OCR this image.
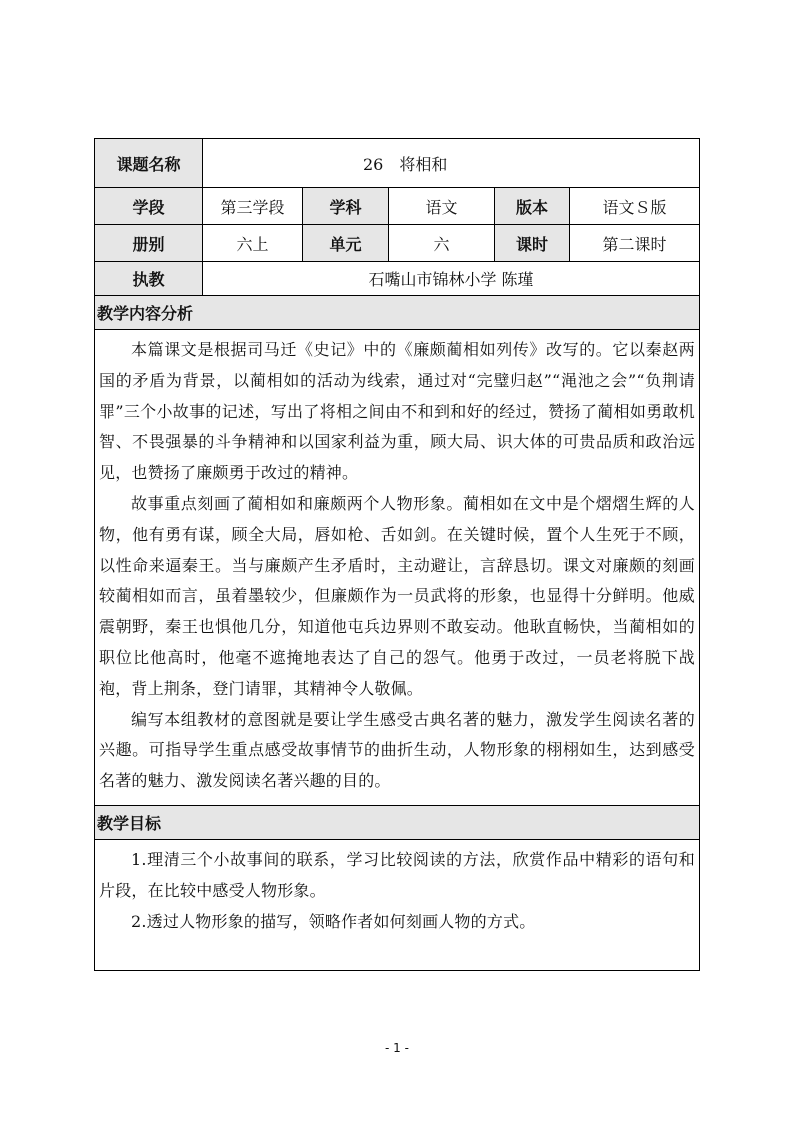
课题名称	26　将相和
学段	第三学段	学科	语文	版本	语文Ｓ版
册别	六上	单元	六	课时	第二课时
执教	石嘴山市锦林小学 陈瑾
教学内容分析

本篇课文是根据司马迁《史记》中的《廉颇蔺相如列传》改写的。它以秦赵两国的矛盾为背景，以蔺相如的活动为线索，通过对“完璧归赵”“渑池之会”“负荆请罪”三个小故事的记述，写出了将相之间由不和到和好的经过，赞扬了蔺相如勇敢机智、不畏强暴的斗争精神和以国家利益为重，顾大局、识大体的可贵品质和政治远见，也赞扬了廉颇勇于改过的精神。

故事重点刻画了蔺相如和廉颇两个人物形象。蔺相如在文中是个熠熠生辉的人物，他有勇有谋，顾全大局，唇如枪、舌如剑。在关键时候，置个人生死于不顾，以性命来逼秦王。当与廉颇产生矛盾时，主动避让，言辞恳切。课文对廉颇的刻画较蔺相如而言，虽着墨较少，但廉颇作为一员武将的形象，也显得十分鲜明。他威震朝野，秦王也惧他几分，知道他屯兵边界则不敢妄动。他耿直畅快，当蔺相如的职位比他高时，他毫不遮掩地表达了自己的怨气。他勇于改过，一员老将脱下战袍，背上荆条，登门请罪，其精神令人敬佩。

编写本组教材的意图就是要让学生感受古典名著的魅力，激发学生阅读名著的兴趣。可指导学生重点感受故事情节的曲折生动，人物形象的栩栩如生，达到感受名著的魅力、激发阅读名著兴趣的目的。

教学目标

1.理清三个小故事间的联系，学习比较阅读的方法，欣赏作品中精彩的语句和片段，在比较中感受人物形象。

2.透过人物形象的描写，领略作者如何刻画人物的方式。

- 1 -
